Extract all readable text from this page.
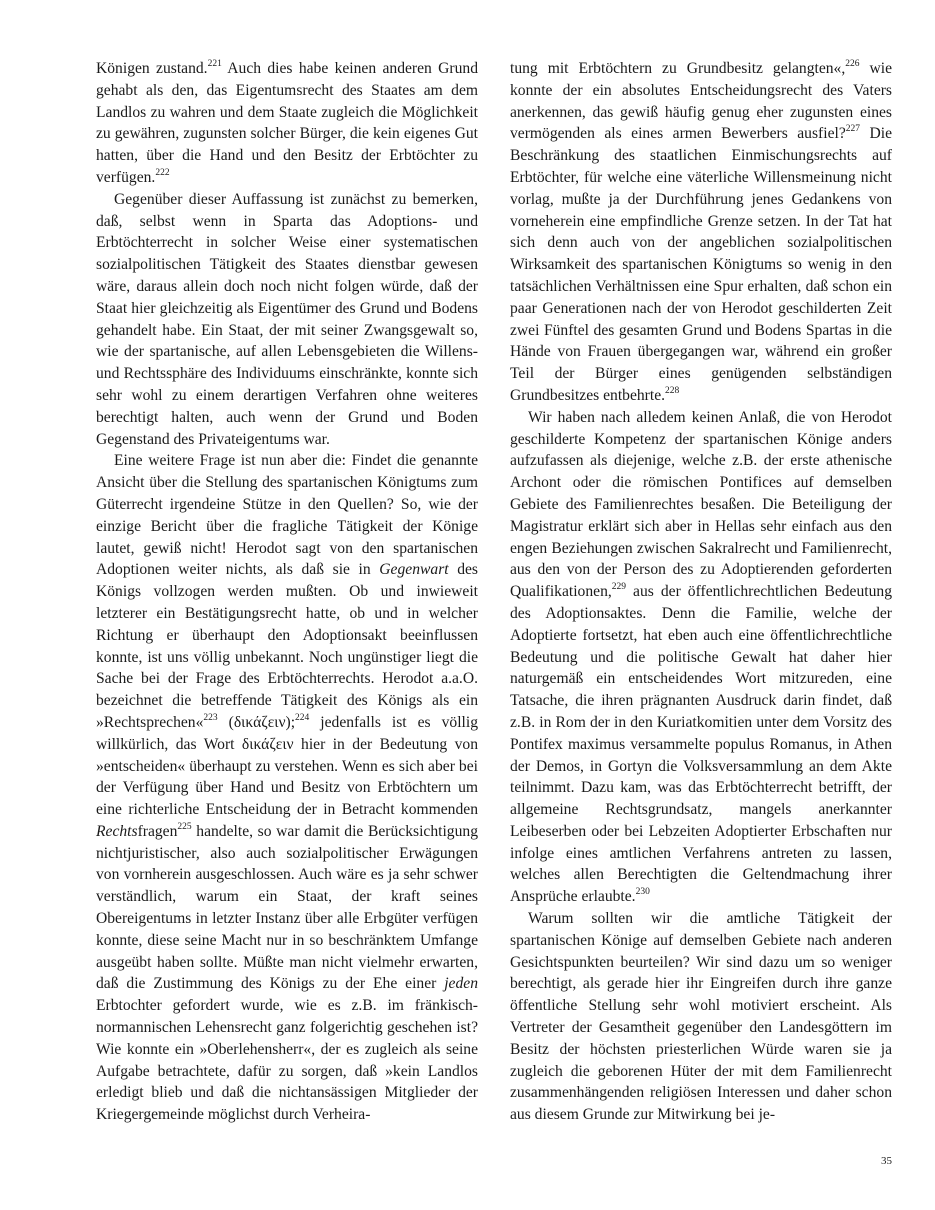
Königen zustand.$^{221}$ Auch dies habe keinen anderen Grund gehabt als den, das Eigentumsrecht des Staates am dem Landlos zu wahren und dem Staate zugleich die Möglichkeit zu gewähren, zugunsten solcher Bürger, die kein eigenes Gut hatten, über die Hand und den Besitz der Erbtöchter zu verfügen.$^{222}$

Gegenüber dieser Auffassung ist zunächst zu bemerken, daß, selbst wenn in Sparta das Adoptions- und Erbtöchterrecht in solcher Weise einer systematischen sozialpolitischen Tätigkeit des Staates dienstbar gewesen wäre, daraus allein doch noch nicht folgen würde, daß der Staat hier gleichzeitig als Eigentümer des Grund und Bodens gehandelt habe. Ein Staat, der mit seiner Zwangsgewalt so, wie der spartanische, auf allen Lebensgebieten die Willens- und Rechtssphäre des Individuums einschränkte, konnte sich sehr wohl zu einem derartigen Verfahren ohne weiteres berechtigt halten, auch wenn der Grund und Boden Gegenstand des Privateigentums war.

Eine weitere Frage ist nun aber die: Findet die genannte Ansicht über die Stellung des spartanischen Königtums zum Güterrecht irgendeine Stütze in den Quellen? So, wie der einzige Bericht über die fragliche Tätigkeit der Könige lautet, gewiß nicht! Herodot sagt von den spartanischen Adoptionen weiter nichts, als daß sie in Gegenwart des Königs vollzogen werden mußten. Ob und inwieweit letzterer ein Bestätigungsrecht hatte, ob und in welcher Richtung er überhaupt den Adoptionsakt beeinflussen konnte, ist uns völlig unbekannt. Noch ungünstiger liegt die Sache bei der Frage des Erbtöchterrechts. Herodot a.a.O. bezeichnet die betreffende Tätigkeit des Königs als ein »Rechtsprechen«$^{223}$ (δικάζειν);$^{224}$ jedenfalls ist es völlig willkürlich, das Wort δικάζειν hier in der Bedeutung von »entscheiden« überhaupt zu verstehen. Wenn es sich aber bei der Verfügung über Hand und Besitz von Erbtöchtern um eine richterliche Entscheidung der in Betracht kommenden Rechtsfragen$^{225}$ handelte, so war damit die Berücksichtigung nichtjuristischer, also auch sozialpolitischer Erwägungen von vornherein ausgeschlossen. Auch wäre es ja sehr schwer verständlich, warum ein Staat, der kraft seines Obereigentums in letzter Instanz über alle Erbgüter verfügen konnte, diese seine Macht nur in so beschränktem Umfange ausgeübt haben sollte. Müßte man nicht vielmehr erwarten, daß die Zustimmung des Königs zu der Ehe einer jeden Erbtochter gefordert wurde, wie es z.B. im fränkisch-normannischen Lehensrecht ganz folgerichtig geschehen ist? Wie konnte ein »Oberlehensherr«, der es zugleich als seine Aufgabe betrachtete, dafür zu sorgen, daß »kein Landlos erledigt blieb und daß die nichtansässigen Mitglieder der Kriegergemeinde möglichst durch Verheira-

tung mit Erbtöchtern zu Grundbesitz gelangten«,$^{226}$ wie konnte der ein absolutes Entscheidungsrecht des Vaters anerkennen, das gewiß häufig genug eher zugunsten eines vermögenden als eines armen Bewerbers ausfiel?$^{227}$ Die Beschränkung des staatlichen Einmischungsrechts auf Erbtöchter, für welche eine väterliche Willensmeinung nicht vorlag, mußte ja der Durchführung jenes Gedankens von vorneherein eine empfindliche Grenze setzen. In der Tat hat sich denn auch von der angeblichen sozialpolitischen Wirksamkeit des spartanischen Königtums so wenig in den tatsächlichen Verhältnissen eine Spur erhalten, daß schon ein paar Generationen nach der von Herodot geschilderten Zeit zwei Fünftel des gesamten Grund und Bodens Spartas in die Hände von Frauen übergegangen war, während ein großer Teil der Bürger eines genügenden selbständigen Grundbesitzes entbehrte.$^{228}$

Wir haben nach alledem keinen Anlaß, die von Herodot geschilderte Kompetenz der spartanischen Könige anders aufzufassen als diejenige, welche z.B. der erste athenische Archont oder die römischen Pontifices auf demselben Gebiete des Familienrechtes besaßen. Die Beteiligung der Magistratur erklärt sich aber in Hellas sehr einfach aus den engen Beziehungen zwischen Sakralrecht und Familienrecht, aus den von der Person des zu Adoptierenden geforderten Qualifikationen,$^{229}$ aus der öffentlichrechtlichen Bedeutung des Adoptionsaktes. Denn die Familie, welche der Adoptierte fortsetzt, hat eben auch eine öffentlichrechtliche Bedeutung und die politische Gewalt hat daher hier naturgemäß ein entscheidendes Wort mitzureden, eine Tatsache, die ihren prägnanten Ausdruck darin findet, daß z.B. in Rom der in den Kuriatkomitien unter dem Vorsitz des Pontifex maximus versammelte populus Romanus, in Athen der Demos, in Gortyn die Volksversammlung an dem Akte teilnimmt. Dazu kam, was das Erbtöchterrecht betrifft, der allgemeine Rechtsgrundsatz, mangels anerkannter Leibeserben oder bei Lebzeiten Adoptierter Erbschaften nur infolge eines amtlichen Verfahrens antreten zu lassen, welches allen Berechtigten die Geltendmachung ihrer Ansprüche erlaubte.$^{230}$

Warum sollten wir die amtliche Tätigkeit der spartanischen Könige auf demselben Gebiete nach anderen Gesichtspunkten beurteilen? Wir sind dazu um so weniger berechtigt, als gerade hier ihr Eingreifen durch ihre ganze öffentliche Stellung sehr wohl motiviert erscheint. Als Vertreter der Gesamtheit gegenüber den Landesgöttern im Besitz der höchsten priesterlichen Würde waren sie ja zugleich die geborenen Hüter der mit dem Familienrecht zusammenhängenden religiösen Interessen und daher schon aus diesem Grunde zur Mitwirkung bei je-

35
